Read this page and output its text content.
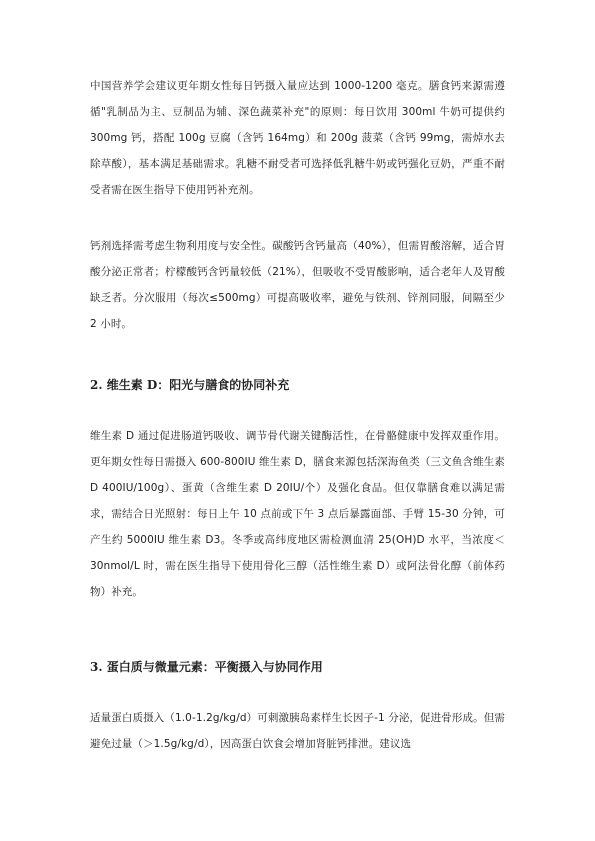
中国营养学会建议更年期女性每日钙摄入量应达到 1000-1200 毫克。膳食钙来源需遵循"乳制品为主、豆制品为辅、深色蔬菜补充"的原则：每日饮用 300ml 牛奶可提供约 300mg 钙，搭配 100g 豆腐（含钙 164mg）和 200g 菠菜（含钙 99mg，需焯水去除草酸），基本满足基础需求。乳糖不耐受者可选择低乳糖牛奶或钙强化豆奶，严重不耐受者需在医生指导下使用钙补充剂。

钙剂选择需考虑生物利用度与安全性。碳酸钙含钙量高（40%），但需胃酸溶解，适合胃酸分泌正常者；柠檬酸钙含钙量较低（21%），但吸收不受胃酸影响，适合老年人及胃酸缺乏者。分次服用（每次≤500mg）可提高吸收率，避免与铁剂、锌剂同服，间隔至少 2 小时。

2. 维生素 D：阳光与膳食的协同补充

维生素 D 通过促进肠道钙吸收、调节骨代谢关键酶活性，在骨骼健康中发挥双重作用。更年期女性每日需摄入 600-800IU 维生素 D，膳食来源包括深海鱼类（三文鱼含维生素 D 400IU/100g）、蛋黄（含维生素 D 20IU/个）及强化食品。但仅靠膳食难以满足需求，需结合日光照射：每日上午 10 点前或下午 3 点后暴露面部、手臂 15-30 分钟，可产生约 5000IU 维生素 D3。冬季或高纬度地区需检测血清 25(OH)D 水平，当浓度＜30nmol/L 时，需在医生指导下使用骨化三醇（活性维生素 D）或阿法骨化醇（前体药物）补充。

3. 蛋白质与微量元素：平衡摄入与协同作用

适量蛋白质摄入（1.0-1.2g/kg/d）可刺激胰岛素样生长因子-1 分泌，促进骨形成。但需避免过量（＞1.5g/kg/d），因高蛋白饮食会增加肾脏钙排泄。建议选
